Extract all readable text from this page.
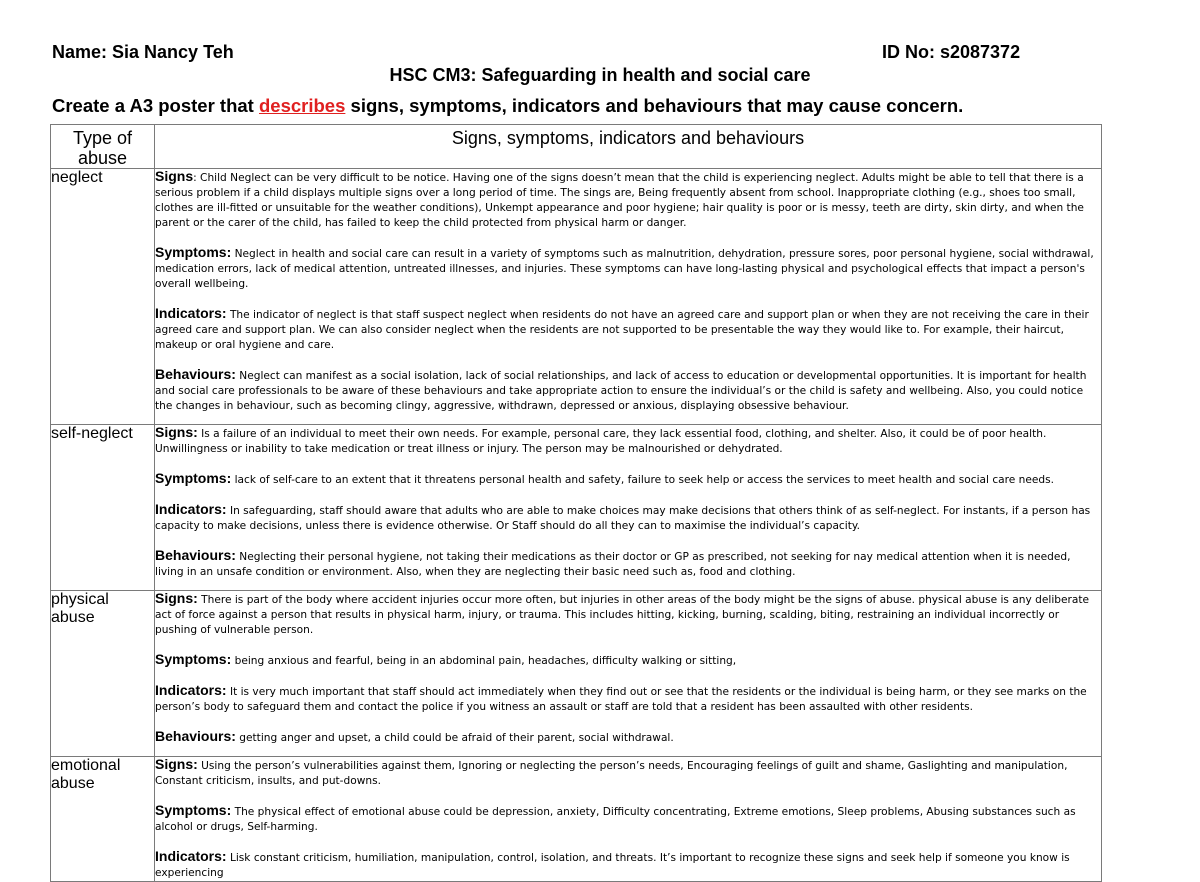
Name: Sia Nancy Teh	ID No: s2087372
HSC CM3: Safeguarding in health and social care
Create a A3 poster that describes signs, symptoms, indicators and behaviours that may cause concern.
Type of abuse	Signs, symptoms, indicators and behaviours
neglect	Signs: Child Neglect can be very difficult to be notice. Having one of the signs doesn’t mean that the child is experiencing neglect. Adults might be able to tell that there is a serious problem if a child displays multiple signs over a long period of time. The sings are, Being frequently absent from school. Inappropriate clothing (e.g., shoes too small, clothes are ill-fitted or unsuitable for the weather conditions), Unkempt appearance and poor hygiene; hair quality is poor or is messy, teeth are dirty, skin dirty, and when the parent or the carer of the child, has failed to keep the child protected from physical harm or danger.
Symptoms: Neglect in health and social care can result in a variety of symptoms such as malnutrition, dehydration, pressure sores, poor personal hygiene, social withdrawal, medication errors, lack of medical attention, untreated illnesses, and injuries. These symptoms can have long-lasting physical and psychological effects that impact a person's overall wellbeing.
Indicators: The indicator of neglect is that staff suspect neglect when residents do not have an agreed care and support plan or when they are not receiving the care in their agreed care and support plan. We can also consider neglect when the residents are not supported to be presentable the way they would like to. For example, their haircut, makeup or oral hygiene and care.
Behaviours: Neglect can manifest as a social isolation, lack of social relationships, and lack of access to education or developmental opportunities. It is important for health and social care professionals to be aware of these behaviours and take appropriate action to ensure the individual’s or the child is safety and wellbeing. Also, you could notice the changes in behaviour, such as becoming clingy, aggressive, withdrawn, depressed or anxious, displaying obsessive behaviour.

self-neglect	Signs: Is a failure of an individual to meet their own needs. For example, personal care, they lack essential food, clothing, and shelter. Also, it could be of poor health. Unwillingness or inability to take medication or treat illness or injury. The person may be malnourished or dehydrated.
Symptoms: lack of self-care to an extent that it threatens personal health and safety, failure to seek help or access the services to meet health and social care needs.
Indicators: In safeguarding, staff should aware that adults who are able to make choices may make decisions that others think of as self-neglect. For instants, if a person has capacity to make decisions, unless there is evidence otherwise. Or Staff should do all they can to maximise the individual’s capacity.
Behaviours: Neglecting their personal hygiene, not taking their medications as their doctor or GP as prescribed, not seeking for nay medical attention when it is needed, living in an unsafe condition or environment. Also, when they are neglecting their basic need such as, food and clothing.

physical abuse	Signs: There is part of the body where accident injuries occur more often, but injuries in other areas of the body might be the signs of abuse. physical abuse is any deliberate act of force against a person that results in physical harm, injury, or trauma. This includes hitting, kicking, burning, scalding, biting, restraining an individual incorrectly or pushing of vulnerable person.
Symptoms: being anxious and fearful, being in an abdominal pain, headaches, difficulty walking or sitting,
Indicators: It is very much important that staff should act immediately when they find out or see that the residents or the individual is being harm, or they see marks on the person’s body to safeguard them and contact the police if you witness an assault or staff are told that a resident has been assaulted with other residents.
Behaviours: getting anger and upset, a child could be afraid of their parent, social withdrawal.

emotional abuse	Signs: Using the person’s vulnerabilities against them, Ignoring or neglecting the person’s needs, Encouraging feelings of guilt and shame, Gaslighting and manipulation, Constant criticism, insults, and put-downs.
Symptoms: The physical effect of emotional abuse could be depression, anxiety, Difficulty concentrating, Extreme emotions, Sleep problems, Abusing substances such as alcohol or drugs, Self-harming.
Indicators: Lisk constant criticism, humiliation, manipulation, control, isolation, and threats. It’s important to recognize these signs and seek help if someone you know is experiencing
